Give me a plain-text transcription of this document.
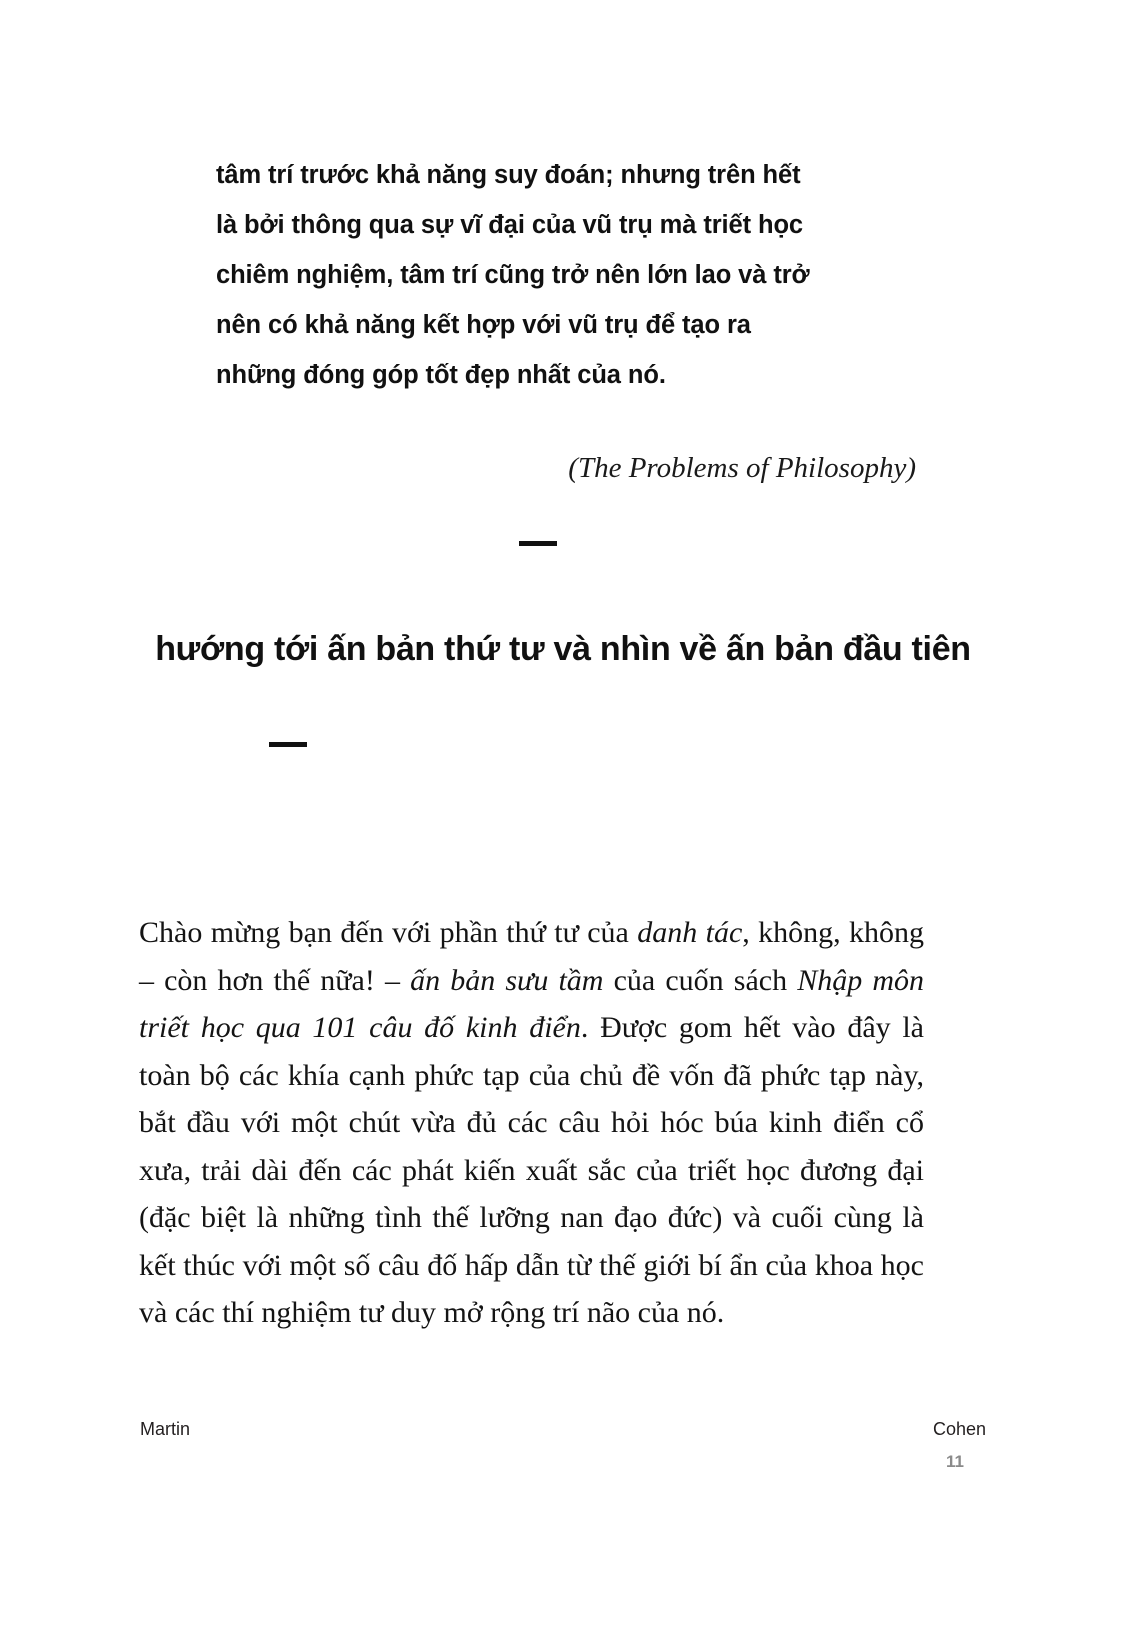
tâm trí trước khả năng suy đoán; nhưng trên hết
là bởi thông qua sự vĩ đại của vũ trụ mà triết học
chiêm nghiệm, tâm trí cũng trở nên lớn lao và trở
nên có khả năng kết hợp với vũ trụ để tạo ra
những đóng góp tốt đẹp nhất của nó.
(The Problems of Philosophy)
hướng tới ấn bản thứ tư và nhìn về ấn bản đầu tiên

Chào mừng bạn đến với phần thứ tư của danh tác, không, không – còn hơn thế nữa! – ấn bản sưu tầm của cuốn sách Nhập môn triết học qua 101 câu đố kinh điển. Được gom hết vào đây là toàn bộ các khía cạnh phức tạp của chủ đề vốn đã phức tạp này, bắt đầu với một chút vừa đủ các câu hỏi hóc búa kinh điển cổ xưa, trải dài đến các phát kiến xuất sắc của triết học đương đại (đặc biệt là những tình thế lưỡng nan đạo đức) và cuối cùng là kết thúc với một số câu đố hấp dẫn từ thế giới bí ẩn của khoa học và các thí nghiệm tư duy mở rộng trí não của nó.

Martin	Cohen
11
